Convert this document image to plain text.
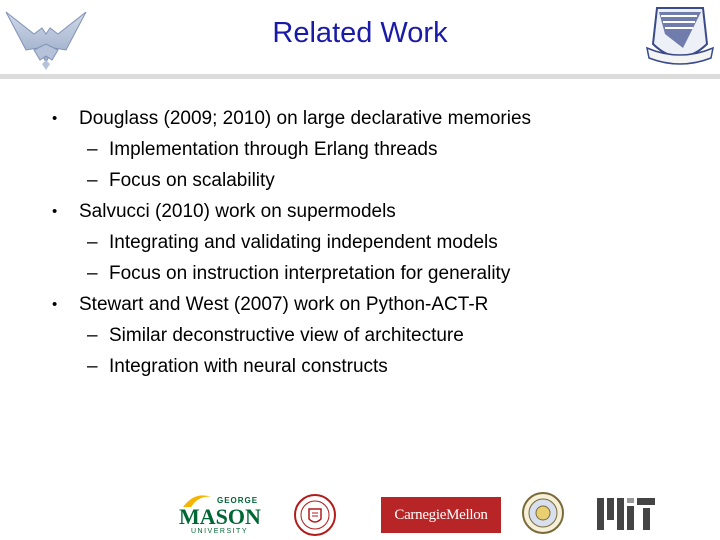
Related Work
•	Douglass (2009; 2010) on large declarative memories
– Implementation through Erlang threads
– Focus on scalability
•	Salvucci (2010) work on supermodels
– Integrating and validating independent models
– Focus on instruction interpretation for generality
•	Stewart and West (2007) work on Python-ACT-R
– Similar deconstructive view of architecture
– Integration with neural constructs
GEORGE
MASON
UNIVERSITY
CarnegieMellon
